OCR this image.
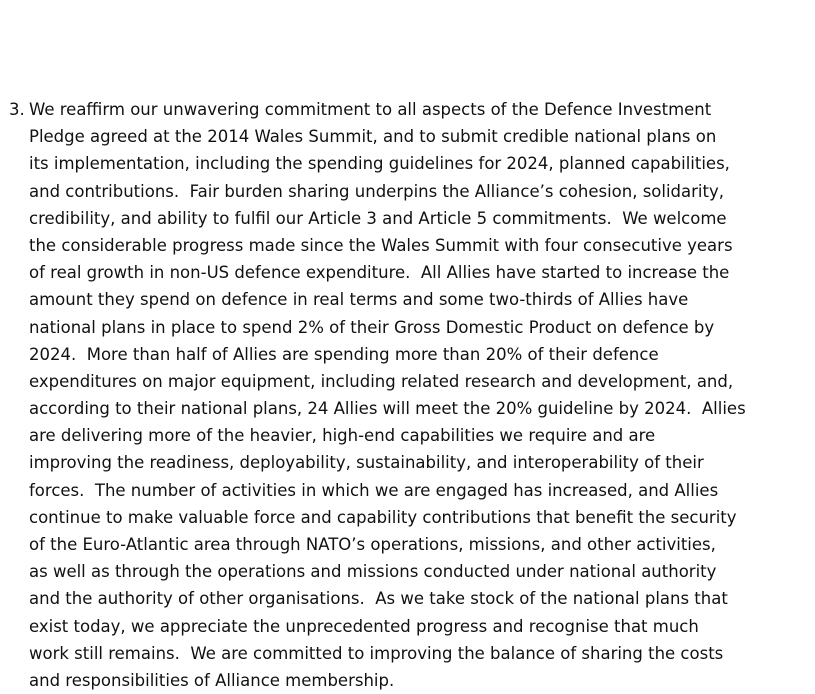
3. We reaffirm our unwavering commitment to all aspects of the Defence Investment
Pledge agreed at the 2014 Wales Summit, and to submit credible national plans on
its implementation, including the spending guidelines for 2024, planned capabilities,
and contributions.  Fair burden sharing underpins the Alliance’s cohesion, solidarity,
credibility, and ability to fulfil our Article 3 and Article 5 commitments.  We welcome
the considerable progress made since the Wales Summit with four consecutive years
of real growth in non-US defence expenditure.  All Allies have started to increase the
amount they spend on defence in real terms and some two-thirds of Allies have
national plans in place to spend 2% of their Gross Domestic Product on defence by
2024.  More than half of Allies are spending more than 20% of their defence
expenditures on major equipment, including related research and development, and,
according to their national plans, 24 Allies will meet the 20% guideline by 2024.  Allies
are delivering more of the heavier, high-end capabilities we require and are
improving the readiness, deployability, sustainability, and interoperability of their
forces.  The number of activities in which we are engaged has increased, and Allies
continue to make valuable force and capability contributions that benefit the security
of the Euro-Atlantic area through NATO’s operations, missions, and other activities,
as well as through the operations and missions conducted under national authority
and the authority of other organisations.  As we take stock of the national plans that
exist today, we appreciate the unprecedented progress and recognise that much
work still remains.  We are committed to improving the balance of sharing the costs
and responsibilities of Alliance membership.
